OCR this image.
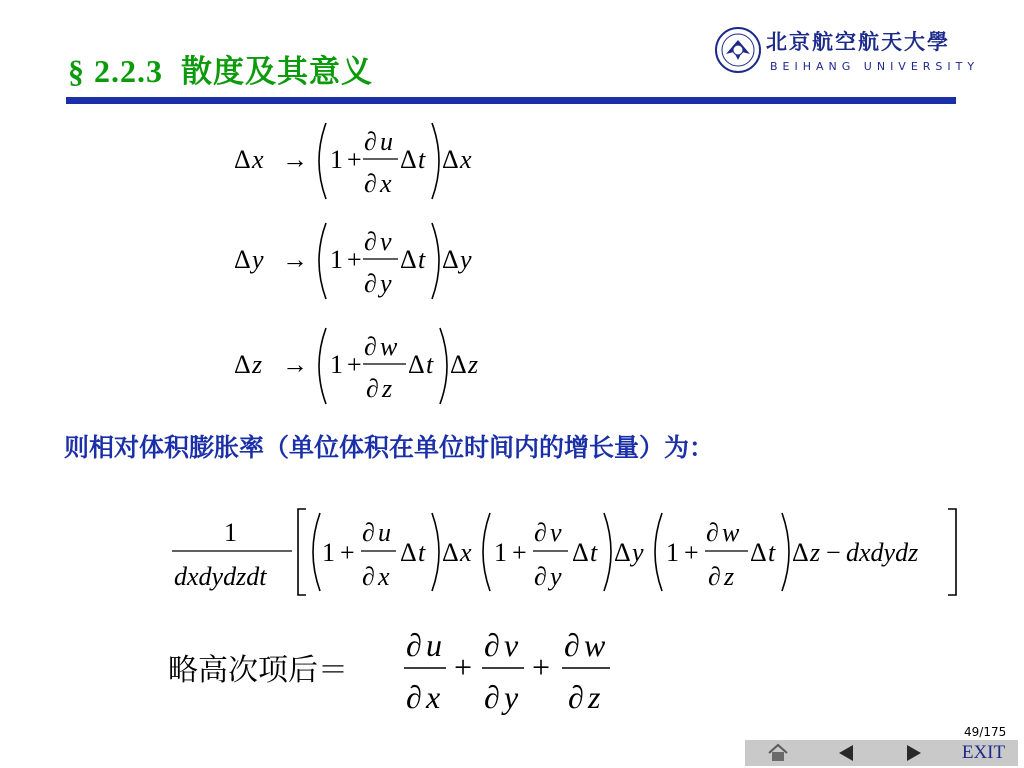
§ 2.2.3 散度及其意义
北京航空航天大學
BEIHANG UNIVERSITY
Δ x → 1 +
∂ u
∂ x
Δ t Δ x
Δ y → 1 +
∂ v
∂ y
Δ t Δ y
Δ z → 1 +
∂ w
∂ z
Δ t Δ z
则相对体积膨胀率（单位体积在单位时间内的增长量）为：
1
dxdydzdt
1 +
∂ u
∂ x
Δ t Δ x 1 +
∂ v
∂ y
Δ t Δ y 1 +
∂ w
∂ z
Δ t Δ z − dxdydz
略高次项后＝
∂ u
∂ x
+
∂ v
∂ y
+
∂ w
∂ z
49/175
EXIT
